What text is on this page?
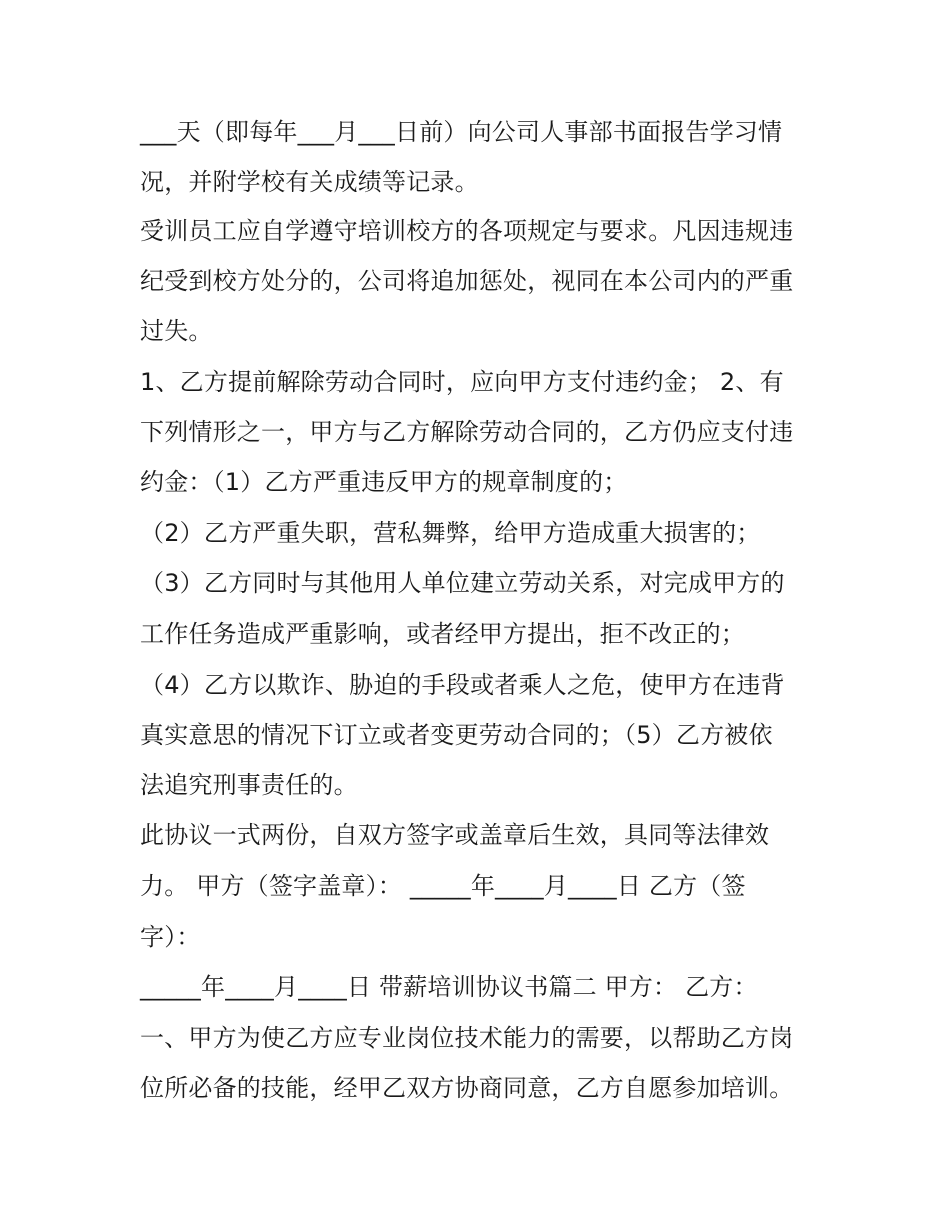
___天（即每年___月___日前）向公司人事部书面报告学习情
况，并附学校有关成绩等记录。
受训员工应自学遵守培训校方的各项规定与要求。凡因违规违
纪受到校方处分的，公司将追加惩处，视同在本公司内的严重
过失。
1、乙方提前解除劳动合同时，应向甲方支付违约金； 2、有
下列情形之一，甲方与乙方解除劳动合同的，乙方仍应支付违
约金：（1）乙方严重违反甲方的规章制度的；
（2）乙方严重失职，营私舞弊，给甲方造成重大损害的；
（3）乙方同时与其他用人单位建立劳动关系，对完成甲方的
工作任务造成严重影响，或者经甲方提出，拒不改正的；
（4）乙方以欺诈、胁迫的手段或者乘人之危，使甲方在违背
真实意思的情况下订立或者变更劳动合同的；（5）乙方被依
法追究刑事责任的。
此协议一式两份，自双方签字或盖章后生效，具同等法律效
力。 甲方（签字盖章）： _____年____月____日 乙方（签
字）：
_____年____月____日 带薪培训协议书篇二 甲方： 乙方：
一、甲方为使乙方应专业岗位技术能力的需要，以帮助乙方岗
位所必备的技能，经甲乙双方协商同意，乙方自愿参加培训。
